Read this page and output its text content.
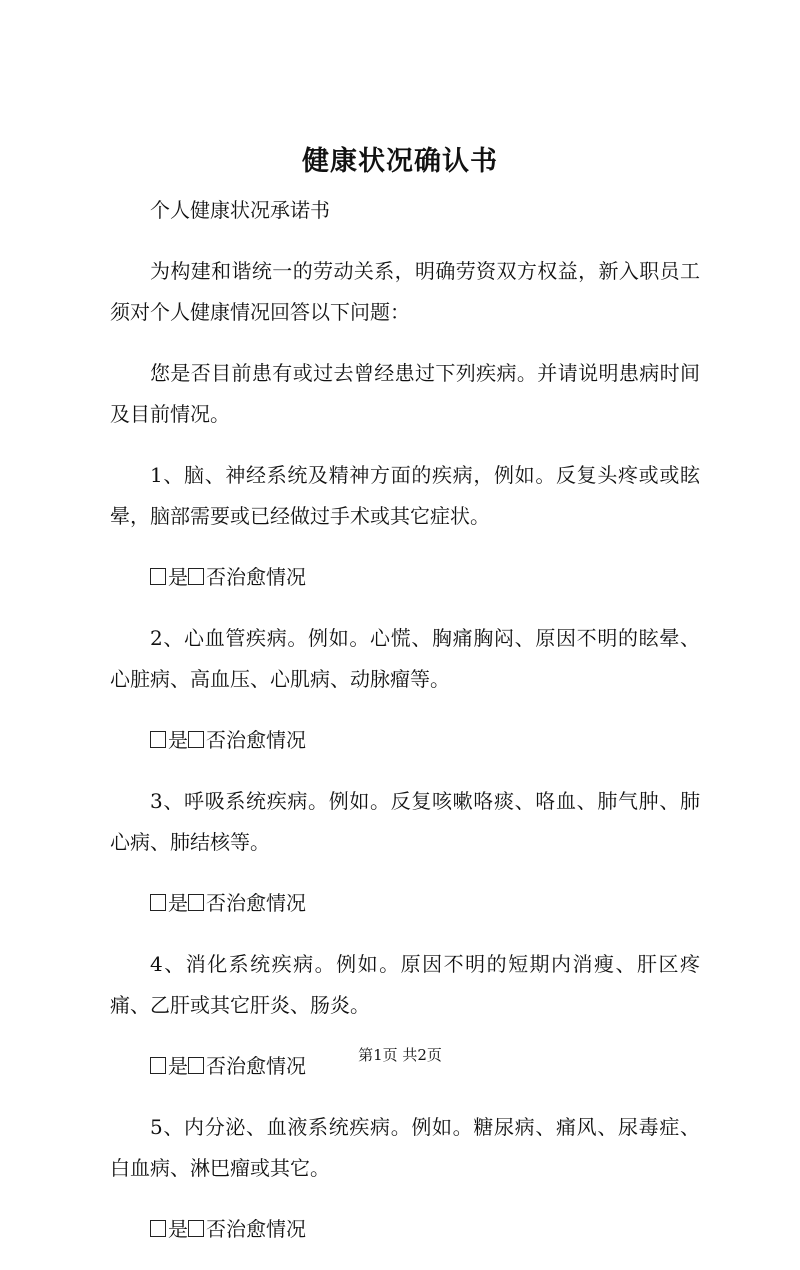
健康状况确认书

个人健康状况承诺书

为构建和谐统一的劳动关系，明确劳资双方权益，新入职员工须对个人健康情况回答以下问题：

您是否目前患有或过去曾经患过下列疾病。并请说明患病时间及目前情况。

1、脑、神经系统及精神方面的疾病，例如。反复头疼或或眩晕，脑部需要或已经做过手术或其它症状。

是 否治愈情况

2、心血管疾病。例如。心慌、胸痛胸闷、原因不明的眩晕、心脏病、高血压、心肌病、动脉瘤等。

是 否治愈情况

3、呼吸系统疾病。例如。反复咳嗽咯痰、咯血、肺气肿、肺心病、肺结核等。

是 否治愈情况

4、消化系统疾病。例如。原因不明的短期内消瘦、肝区疼痛、乙肝或其它肝炎、肠炎。

是 否治愈情况

5、内分泌、血液系统疾病。例如。糖尿病、痛风、尿毒症、白血病、淋巴瘤或其它。

是 否治愈情况
第1页 共2页
